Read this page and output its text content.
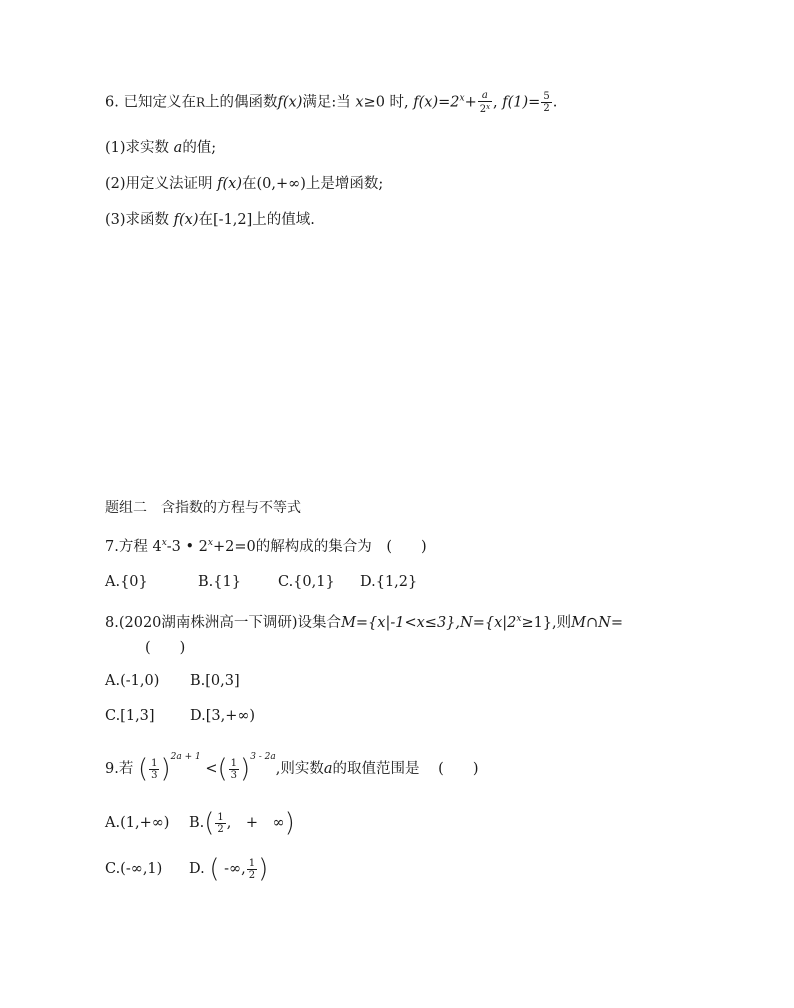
6. 已知定义在R上的偶函数f(x)满足:当 x≥0 时, $f(x)=2^x+ \frac{a}{2^x}$ , $f(1)= \frac{5}{2}$ .
(1)求实数 a的值;
(2)用定义法证明 f(x)在(0,+∞)上是增函数;
(3)求函数 f(x)在[-1,2]上的值域.
题组二　含指数的方程与不等式
7.方程 4$^x$-3 • $2^x+2=0$的解构成的集合为 (　　)
A.{0}	B.{1}	C.{0,1} D.{1,2}
8.(2020湖南株洲高一下调研)设集合$M=\{x|-1<x\le 3\},N=\{x|2^x\ge 1\}$,则M∩N=
(　　)
A.(-1,0) B.[0,3]
C.[1,3] D.[3,+∞)
9.若 ( $\frac{1}{3} )^{2a + 1}$ <( $\frac{1}{3} )^{3 - 2a}$,则实数a的取值范围是 (　　)
A.(1,+∞) $B.( \frac{1}{2}$ ,　+　∞)
C.(-∞,1) D. ( -∞, $\frac{1}{2}$ )
